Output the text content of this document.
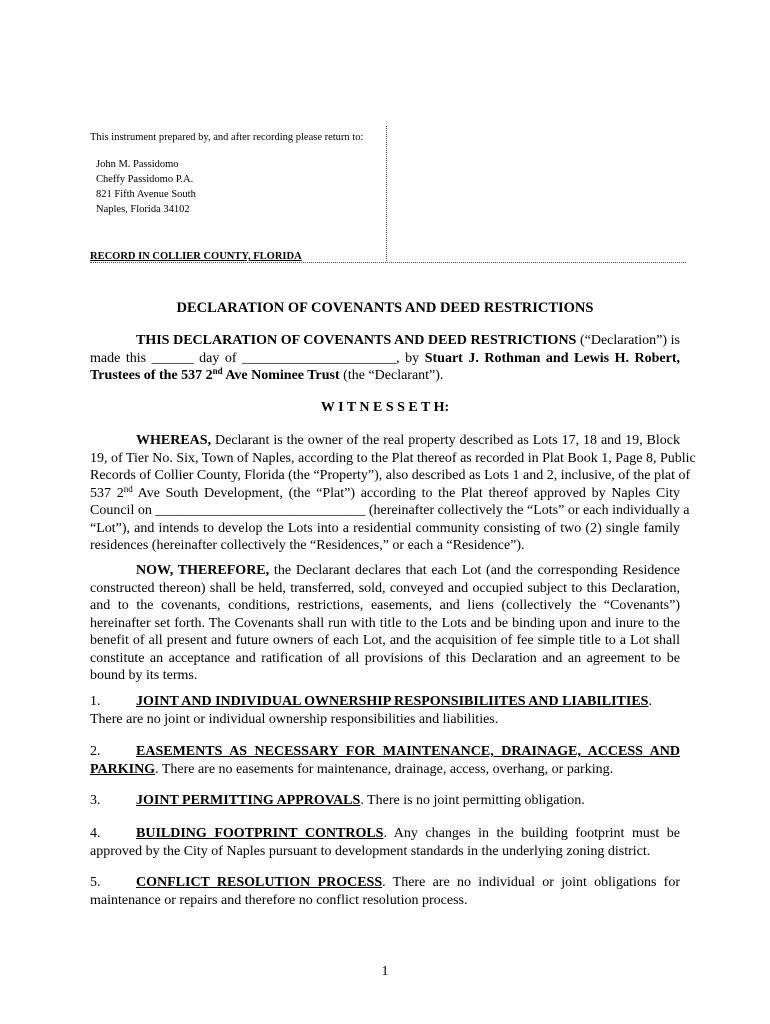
This instrument prepared by, and after recording please return to:
John M. Passidomo
Cheffy Passidomo P.A.
821 Fifth Avenue South
Naples, Florida 34102
RECORD IN COLLIER COUNTY, FLORIDA
DECLARATION OF COVENANTS AND DEED RESTRICTIONS
THIS DECLARATION OF COVENANTS AND DEED RESTRICTIONS (“Declaration”) is
made this ______ day of ______________________, by Stuart J. Rothman and Lewis H. Robert,
Trustees of the 537 2nd Ave Nominee Trust (the “Declarant”).
W I T N E S S E T H:
WHEREAS, Declarant is the owner of the real property described as Lots 17, 18 and 19, Block
19, of Tier No. Six, Town of Naples, according to the Plat thereof as recorded in Plat Book 1, Page 8, Public
Records of Collier County, Florida (the “Property”), also described as Lots 1 and 2, inclusive, of the plat of
537 2nd Ave South Development, (the “Plat”) according to the Plat thereof approved by Naples City
Council on ______________________________ (hereinafter collectively the “Lots” or each individually a
“Lot”), and intends to develop the Lots into a residential community consisting of two (2) single family
residences (hereinafter collectively the “Residences,” or each a “Residence”).
NOW, THEREFORE, the Declarant declares that each Lot (and the corresponding Residence
constructed thereon) shall be held, transferred, sold, conveyed and occupied subject to this Declaration,
and to the covenants, conditions, restrictions, easements, and liens (collectively the “Covenants”)
hereinafter set forth. The Covenants shall run with title to the Lots and be binding upon and inure to the
benefit of all present and future owners of each Lot, and the acquisition of fee simple title to a Lot shall
constitute an acceptance and ratification of all provisions of this Declaration and an agreement to be
bound by its terms.
1.	JOINT AND INDIVIDUAL OWNERSHIP RESPONSIBILIITES AND LIABILITIES.
There are no joint or individual ownership responsibilities and liabilities.
2.	EASEMENTS AS NECESSARY FOR MAINTENANCE, DRAINAGE, ACCESS AND
PARKING. There are no easements for maintenance, drainage, access, overhang, or parking.
3.	JOINT PERMITTING APPROVALS. There is no joint permitting obligation.
4.	BUILDING FOOTPRINT CONTROLS. Any changes in the building footprint must be
approved by the City of Naples pursuant to development standards in the underlying zoning district.
5.	CONFLICT RESOLUTION PROCESS. There are no individual or joint obligations for
maintenance or repairs and therefore no conflict resolution process.
1
